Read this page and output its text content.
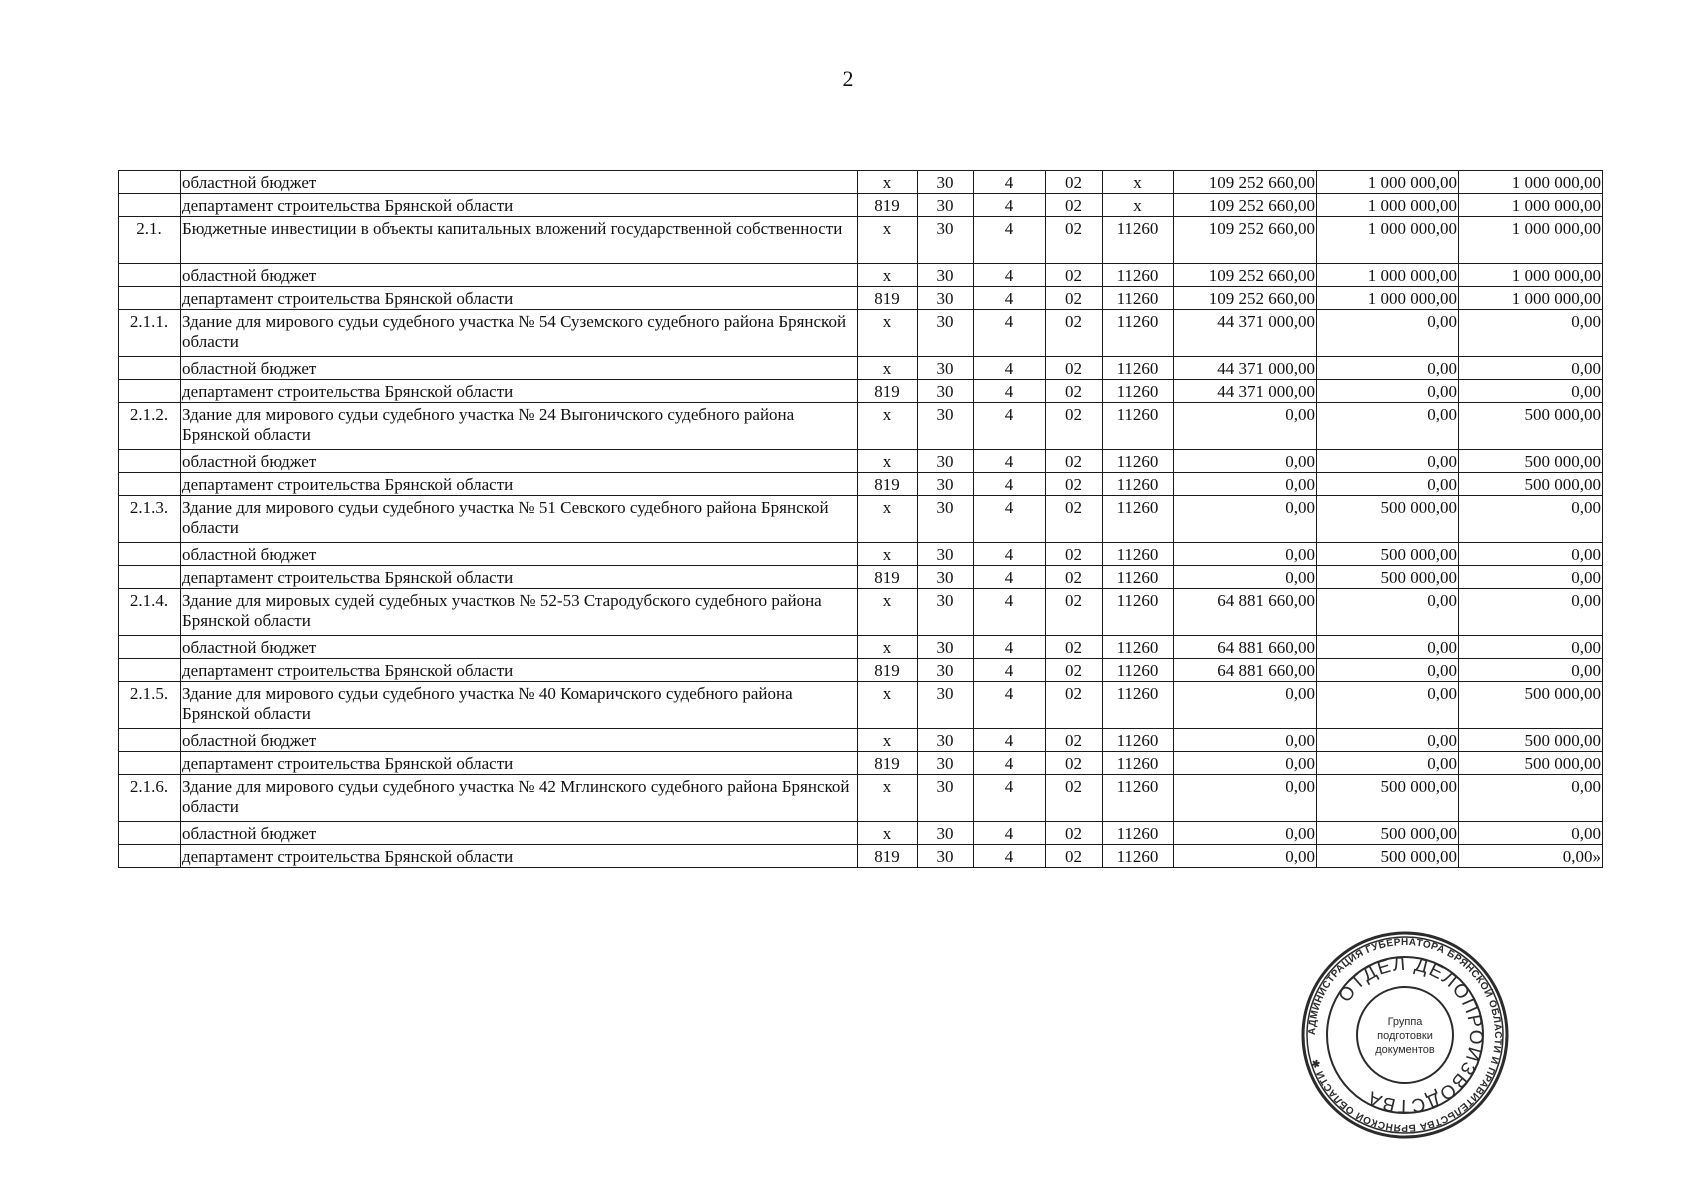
2
	областной бюджет	х	30	4	02	х	109 252 660,00	1 000 000,00	1 000 000,00
	департамент строительства Брянской области	819	30	4	02	х	109 252 660,00	1 000 000,00	1 000 000,00
2.1.	Бюджетные инвестиции в объекты капитальных вложений государственной собственности	х	30	4	02	11260	109 252 660,00	1 000 000,00	1 000 000,00
	областной бюджет	х	30	4	02	11260	109 252 660,00	1 000 000,00	1 000 000,00
	департамент строительства Брянской области	819	30	4	02	11260	109 252 660,00	1 000 000,00	1 000 000,00
2.1.1.	Здание для мирового судьи судебного участка № 54 Суземского судебного района Брянской области	х	30	4	02	11260	44 371 000,00	0,00	0,00
	областной бюджет	х	30	4	02	11260	44 371 000,00	0,00	0,00
	департамент строительства Брянской области	819	30	4	02	11260	44 371 000,00	0,00	0,00
2.1.2.	Здание для мирового судьи судебного участка № 24 Выгоничского судебного района Брянской области	х	30	4	02	11260	0,00	0,00	500 000,00
	областной бюджет	х	30	4	02	11260	0,00	0,00	500 000,00
	департамент строительства Брянской области	819	30	4	02	11260	0,00	0,00	500 000,00
2.1.3.	Здание для мирового судьи судебного участка № 51 Севского судебного района Брянской области	х	30	4	02	11260	0,00	500 000,00	0,00
	областной бюджет	х	30	4	02	11260	0,00	500 000,00	0,00
	департамент строительства Брянской области	819	30	4	02	11260	0,00	500 000,00	0,00
2.1.4.	Здание для мировых судей судебных участков № 52-53 Стародубского судебного района Брянской области	х	30	4	02	11260	64 881 660,00	0,00	0,00
	областной бюджет	х	30	4	02	11260	64 881 660,00	0,00	0,00
	департамент строительства Брянской области	819	30	4	02	11260	64 881 660,00	0,00	0,00
2.1.5.	Здание для мирового судьи судебного участка № 40 Комаричского судебного района Брянской области	х	30	4	02	11260	0,00	0,00	500 000,00
	областной бюджет	х	30	4	02	11260	0,00	0,00	500 000,00
	департамент строительства Брянской области	819	30	4	02	11260	0,00	0,00	500 000,00
2.1.6.	Здание для мирового судьи судебного участка № 42 Мглинского судебного района Брянской области	х	30	4	02	11260	0,00	500 000,00	0,00
	областной бюджет	х	30	4	02	11260	0,00	500 000,00	0,00
	департамент строительства Брянской области	819	30	4	02	11260	0,00	500 000,00	0,00»
АДМИНИСТРАЦИЯ ГУБЕРНАТОРА БРЯНСКОЙ ОБЛАСТИ И ПРАВИТЕЛЬСТВА БРЯНСКОЙ ОБЛАСТИ ✱
ОТДЕЛ ДЕЛОПРОИЗВОДСТВА
Группа
подготовки
документов
